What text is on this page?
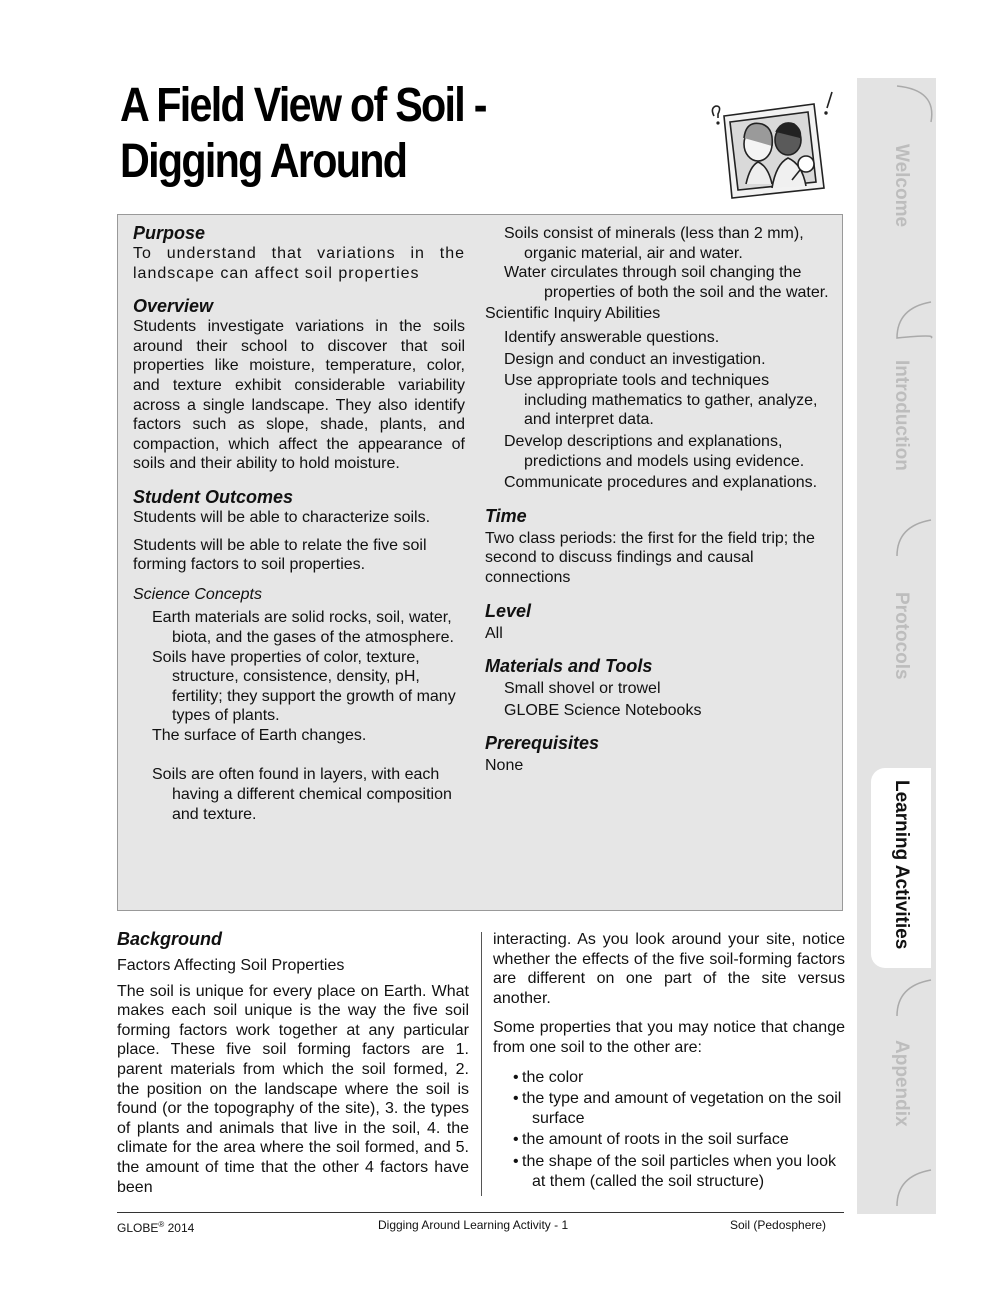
A Field View of Soil -
Digging Around
Purpose

To understand that variations in the landscape can affect soil properties

Overview

Students investigate variations in the soils around their school to discover that soil properties like moisture, temperature, color, and texture exhibit considerable variability across a single landscape. They also identify factors such as slope, shade, plants, and compaction, which affect the appearance of soils and their ability to hold moisture.

Student Outcomes

Students will be able to characterize soils.

Students will be able to relate the five soil forming factors to soil properties.

Science Concepts

Earth materials are solid rocks, soil, water, biota, and the gases of the atmosphere.

Soils have properties of color, texture, structure, consistence, density, pH, fertility; they support the growth of many types of plants.

The surface of Earth changes.

Soils are often found in layers, with each having a different chemical composition and texture.

Soils consist of minerals (less than 2 mm), organic material, air and water.

Water circulates through soil changing the properties of both the soil and the water.

Scientific Inquiry Abilities

Identify answerable questions.

Design and conduct an investigation.

Use appropriate tools and techniques including mathematics to gather, analyze, and interpret data.

Develop descriptions and explanations, predictions and models using evidence.

Communicate procedures and explanations.

Time

Two class periods: the first for the field trip; the second to discuss findings and causal connections

Level

All

Materials and Tools

Small shovel or trowel

GLOBE Science Notebooks

Prerequisites

None

Background

Factors Affecting Soil Properties

The soil is unique for every place on Earth. What makes each soil unique is the way the five soil forming factors work together at any particular place. These five soil forming factors are 1. parent materials from which the soil formed, 2. the position on the landscape where the soil is found (or the topography of the site), 3. the types of plants and animals that live in the soil, 4. the climate for the area where the soil formed, and 5. the amount of time that the other 4 factors have been

interacting. As you look around your site, notice whether the effects of the five soil-forming factors are different on one part of the site versus another.

Some properties that you may notice that change from one soil to the other are:

• the color
• the type and amount of vegetation on the soil surface
• the amount of roots in the soil surface
• the shape of the soil particles when you look at them (called the soil structure)
GLOBE® 2014	Digging Around Learning Activity - 1	Soil (Pedosphere)
Welcome
Introduction
Protocols
Learning Activities
Appendix
